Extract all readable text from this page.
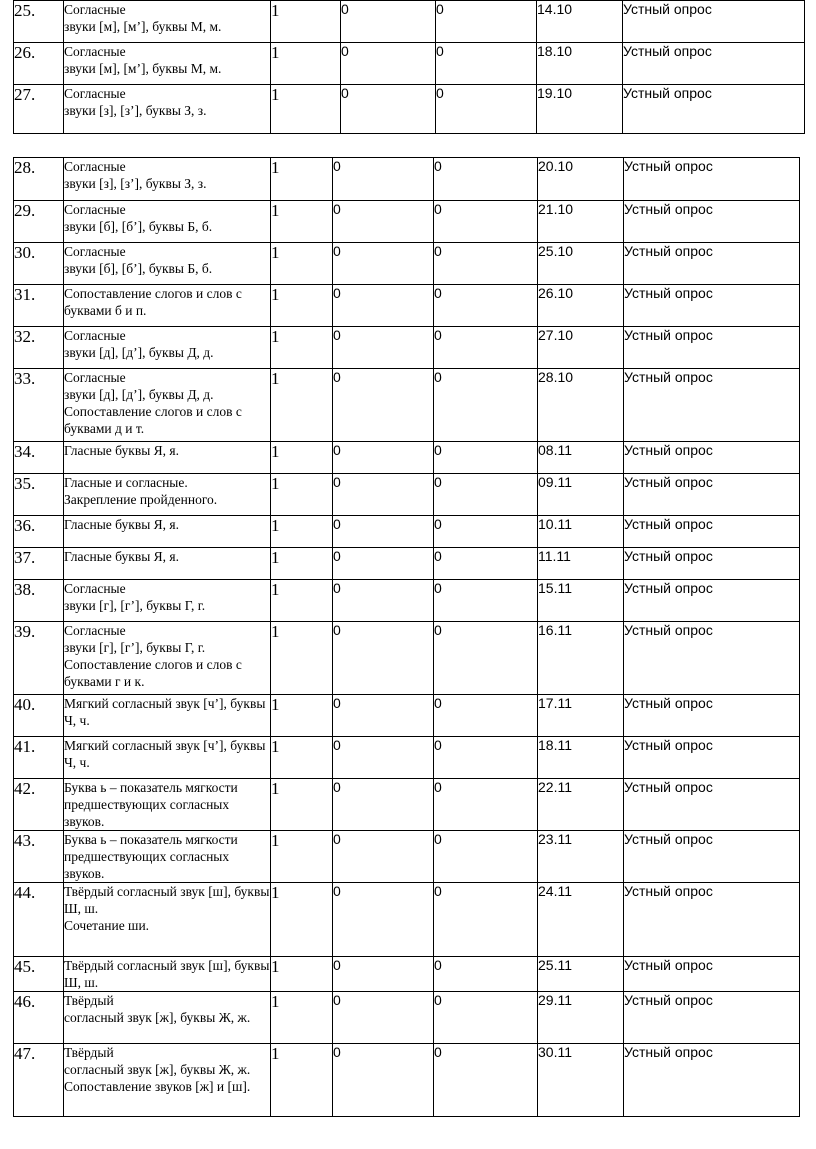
25.	Согласные
звуки [м], [м’], буквы М, м.	1	0	0	14.10	Устный опрос
26.	Согласные
звуки [м], [м’], буквы М, м.	1	0	0	18.10	Устный опрос
27.	Согласные
звуки [з], [з’], буквы З, з.	1	0	0	19.10	Устный опрос
28.	Согласные
звуки [з], [з’], буквы З, з.	1	0	0	20.10	Устный опрос
29.	Согласные
звуки [б], [б’], буквы Б, б.	1	0	0	21.10	Устный опрос
30.	Согласные
звуки [б], [б’], буквы Б, б.	1	0	0	25.10	Устный опрос
31.	Сопоставление слогов и слов с буквами б и п.	1	0	0	26.10	Устный опрос
32.	Согласные
звуки [д], [д’], буквы Д, д.	1	0	0	27.10	Устный опрос
33.	Согласные
звуки [д], [д’], буквы Д, д.
Сопоставление слогов и слов с буквами д и т.	1	0	0	28.10	Устный опрос
34.	Гласные буквы Я, я.	1	0	0	08.11	Устный опрос
35.	Гласные и согласные.
Закрепление пройденного.	1	0	0	09.11	Устный опрос
36.	Гласные буквы Я, я.	1	0	0	10.11	Устный опрос
37.	Гласные буквы Я, я.	1	0	0	11.11	Устный опрос
38.	Согласные
звуки [г], [г’], буквы Г, г.	1	0	0	15.11	Устный опрос
39.	Согласные
звуки [г], [г’], буквы Г, г.
Сопоставление слогов и слов с буквами г и к.	1	0	0	16.11	Устный опрос
40.	Мягкий согласный звук [ч’], буквы Ч, ч.	1	0	0	17.11	Устный опрос
41.	Мягкий согласный звук [ч’], буквы Ч, ч.	1	0	0	18.11	Устный опрос
42.	Буква ь – показатель мягкости предшествующих согласных звуков.	1	0	0	22.11	Устный опрос
43.	Буква ь – показатель мягкости предшествующих согласных звуков.	1	0	0	23.11	Устный опрос
44.	Твёрдый согласный звук [ш], буквы Ш, ш.
Сочетание ши.	1	0	0	24.11	Устный опрос
45.	Твёрдый согласный звук [ш], буквы Ш, ш.	1	0	0	25.11	Устный опрос
46.	Твёрдый
согласный звук [ж], буквы Ж, ж.	1	0	0	29.11	Устный опрос
47.	Твёрдый
согласный звук [ж], буквы Ж, ж. Сопоставление звуков [ж] и [ш].	1	0	0	30.11	Устный опрос
